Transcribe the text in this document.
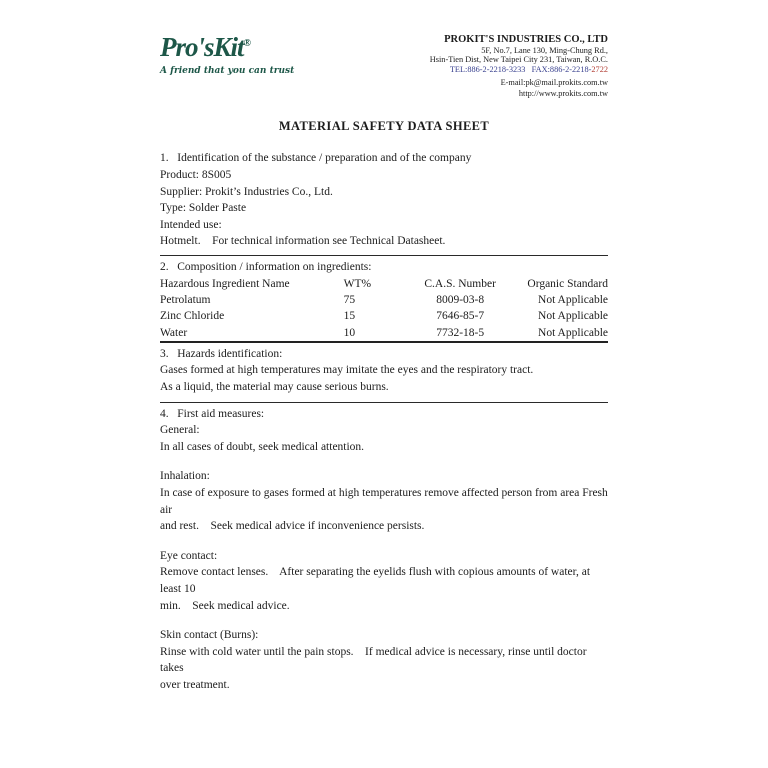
Pro'sKit®
A friend that you can trust
PROKIT'S INDUSTRIES CO., LTD
5F, No.7, Lane 130, Ming-Chung Rd.,
Hsin-Tien Dist, New Taipei City 231, Taiwan, R.O.C.
TEL:886-2-2218-3233   FAX:886-2-2218-2722
E-mail:pk@mail.prokits.com.tw
http://www.prokits.com.tw
MATERIAL SAFETY DATA SHEET
1.   Identification of the substance / preparation and of the company
Product: 8S005
Supplier: Prokit’s Industries Co., Ltd.
Type: Solder Paste
Intended use:
Hotmelt.    For technical information see Technical Datasheet.
2.   Composition / information on ingredients:
Hazardous Ingredient Name	WT%	C.A.S. Number	Organic Standard
Petrolatum	75	8009-03-8	Not Applicable
Zinc Chloride	15	7646-85-7	Not Applicable
Water	10	7732-18-5	Not Applicable
3.   Hazards identification:
Gases formed at high temperatures may imitate the eyes and the respiratory tract.
As a liquid, the material may cause serious burns.
4.   First aid measures:
General:
In all cases of doubt, seek medical attention.
Inhalation:
In case of exposure to gases formed at high temperatures remove affected person from area Fresh air
and rest.    Seek medical advice if inconvenience persists.
Eye contact:
Remove contact lenses.    After separating the eyelids flush with copious amounts of water, at least 10
min.    Seek medical advice.
Skin contact (Burns):
Rinse with cold water until the pain stops.    If medical advice is necessary, rinse until doctor takes
over treatment.
